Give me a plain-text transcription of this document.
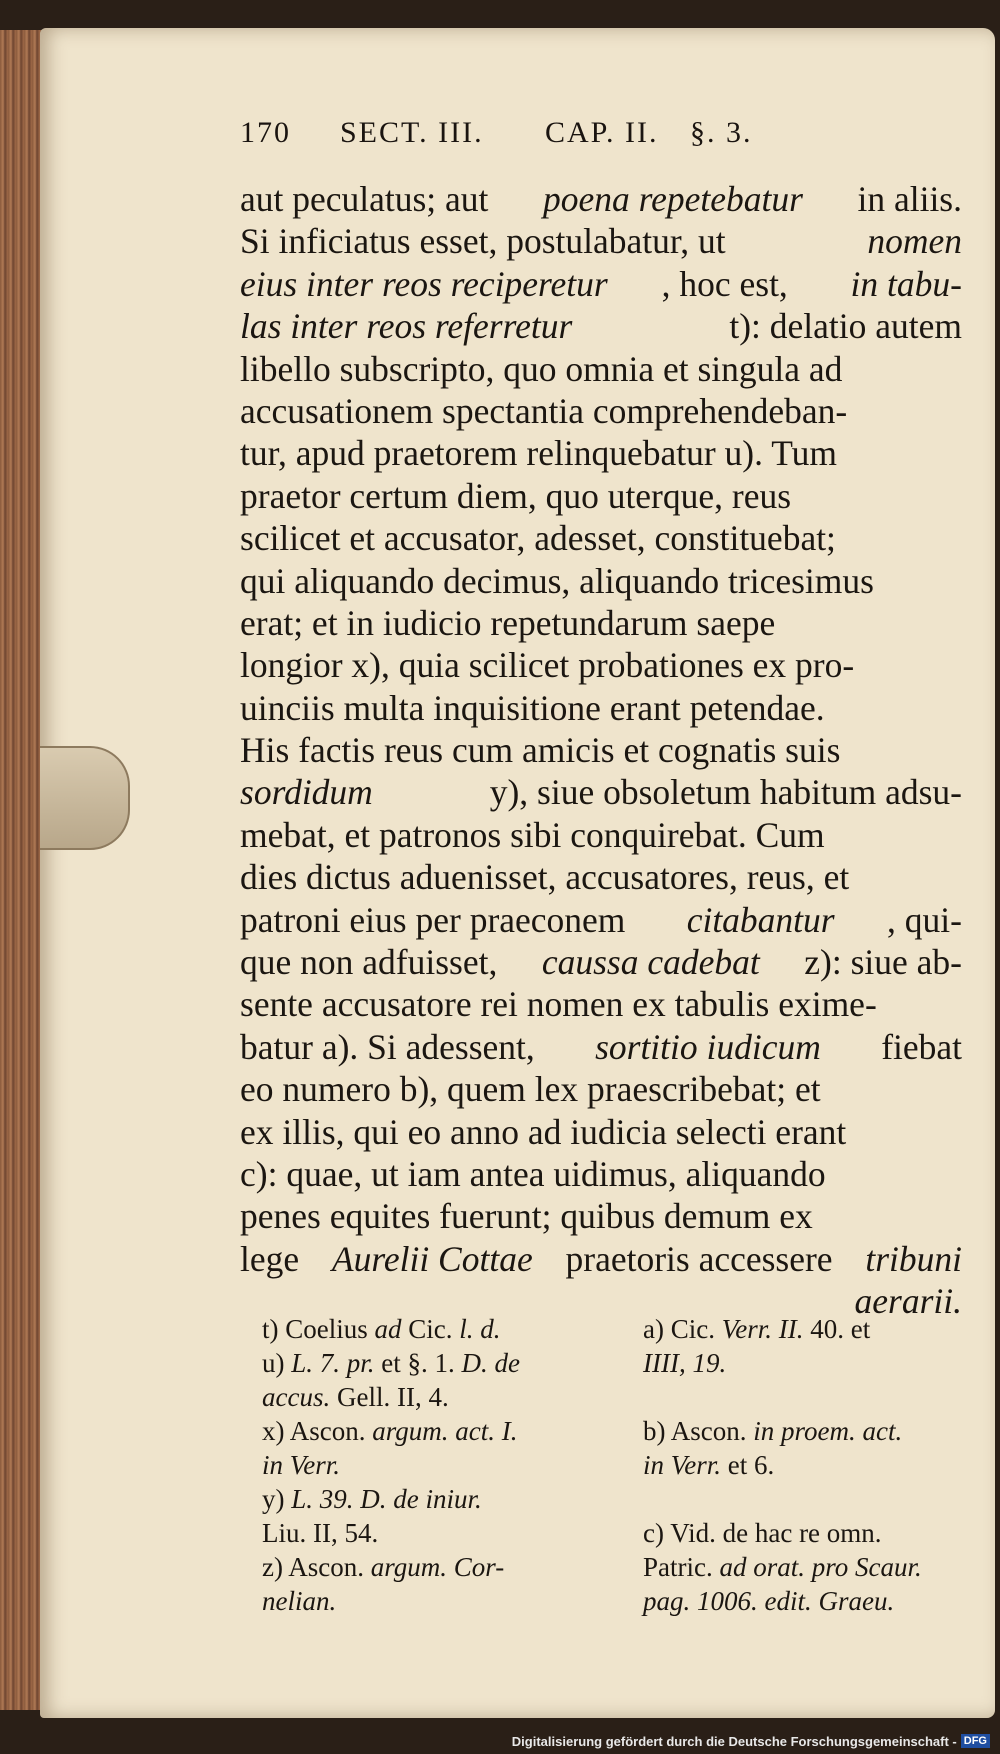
170 SECT. III. CAP. II. §. 3.
aut peculatus; aut poena repetebatur in aliis.
Si inficiatus esset, postulabatur, ut	nomen
eius inter reos reciperetur , hoc est, in tabu-
las inter reos referretur	t): delatio autem
libello subscripto, quo omnia et singula ad
accusationem spectantia comprehendeban-
tur, apud praetorem relinquebatur u). Tum
praetor certum diem, quo uterque, reus
scilicet et accusator, adesset, constituebat;
qui aliquando decimus, aliquando tricesimus
erat; et in iudicio repetundarum saepe
longior x), quia scilicet probationes ex pro-
uinciis multa inquisitione erant petendae.
His factis reus cum amicis et cognatis suis
sordidum	y), siue obsoletum habitum adsu-
mebat, et patronos sibi conquirebat. Cum
dies dictus aduenisset, accusatores, reus, et
patroni eius per praeconem citabantur , qui-
que non adfuisset, caussa cadebat z): siue ab-
sente accusatore rei nomen ex tabulis exime-
batur a). Si adessent, sortitio iudicum fiebat
eo numero b), quem lex praescribebat; et
ex illis, qui eo anno ad iudicia selecti erant
c): quae, ut iam antea uidimus, aliquando
penes equites fuerunt; quibus demum ex
lege Aurelii Cottae praetoris accessere tribuni
aerarii.
t) Coelius ad Cic. l. d.
u) L. 7. pr. et §. 1. D. de
accus. Gell. II, 4.
x) Ascon. argum. act. I.
in Verr.
y) L. 39. D. de iniur.
Liu. II, 54.
z) Ascon. argum. Cor-
nelian.
a) Cic. Verr. II. 40. et
IIII, 19.

b) Ascon. in proem. act.
in Verr. et 6.

c) Vid. de hac re omn.
Patric. ad orat. pro Scaur.
pag. 1006. edit. Graeu.
Digitalisierung gefördert durch die Deutsche Forschungsgemeinschaft - DFG
